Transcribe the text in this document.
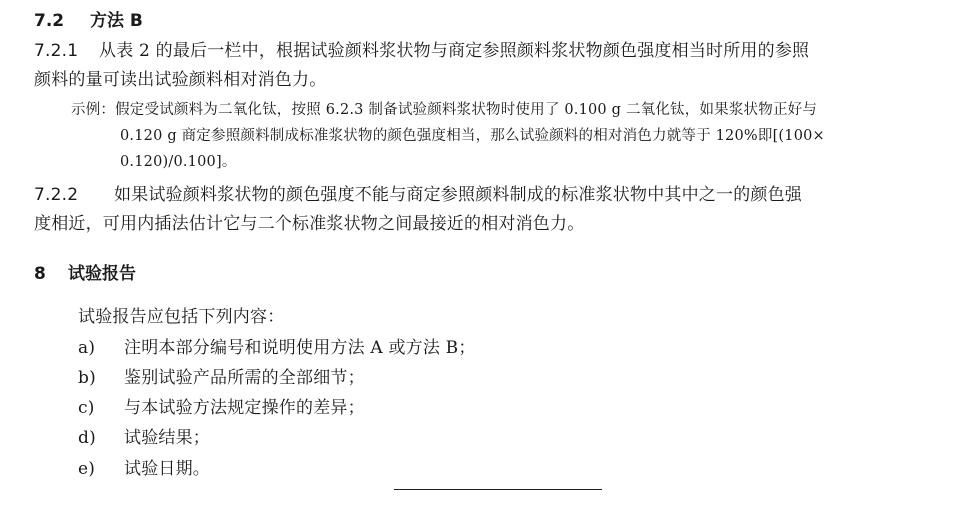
7.2 方法 B
7.2.1 从表 2 的最后一栏中，根据试验颜料浆状物与商定参照颜料浆状物颜色强度相当时所用的参照
颜料的量可读出试验颜料相对消色力。
示例：假定受试颜料为二氧化钛，按照 6.2.3 制备试验颜料浆状物时使用了 0.100 g 二氧化钛，如果浆状物正好与
0.120 g 商定参照颜料制成标准浆状物的颜色强度相当，那么试验颜料的相对消色力就等于 120%即[(100×
0.120)/0.100]。
7.2.2 如果试验颜料浆状物的颜色强度不能与商定参照颜料制成的标准浆状物中其中之一的颜色强
度相近，可用内插法估计它与二个标准浆状物之间最接近的相对消色力。
8 试验报告
试验报告应包括下列内容：
a) 注明本部分编号和说明使用方法 A 或方法 B；
b) 鉴别试验产品所需的全部细节；
c) 与本试验方法规定操作的差异；
d) 试验结果；
e) 试验日期。
